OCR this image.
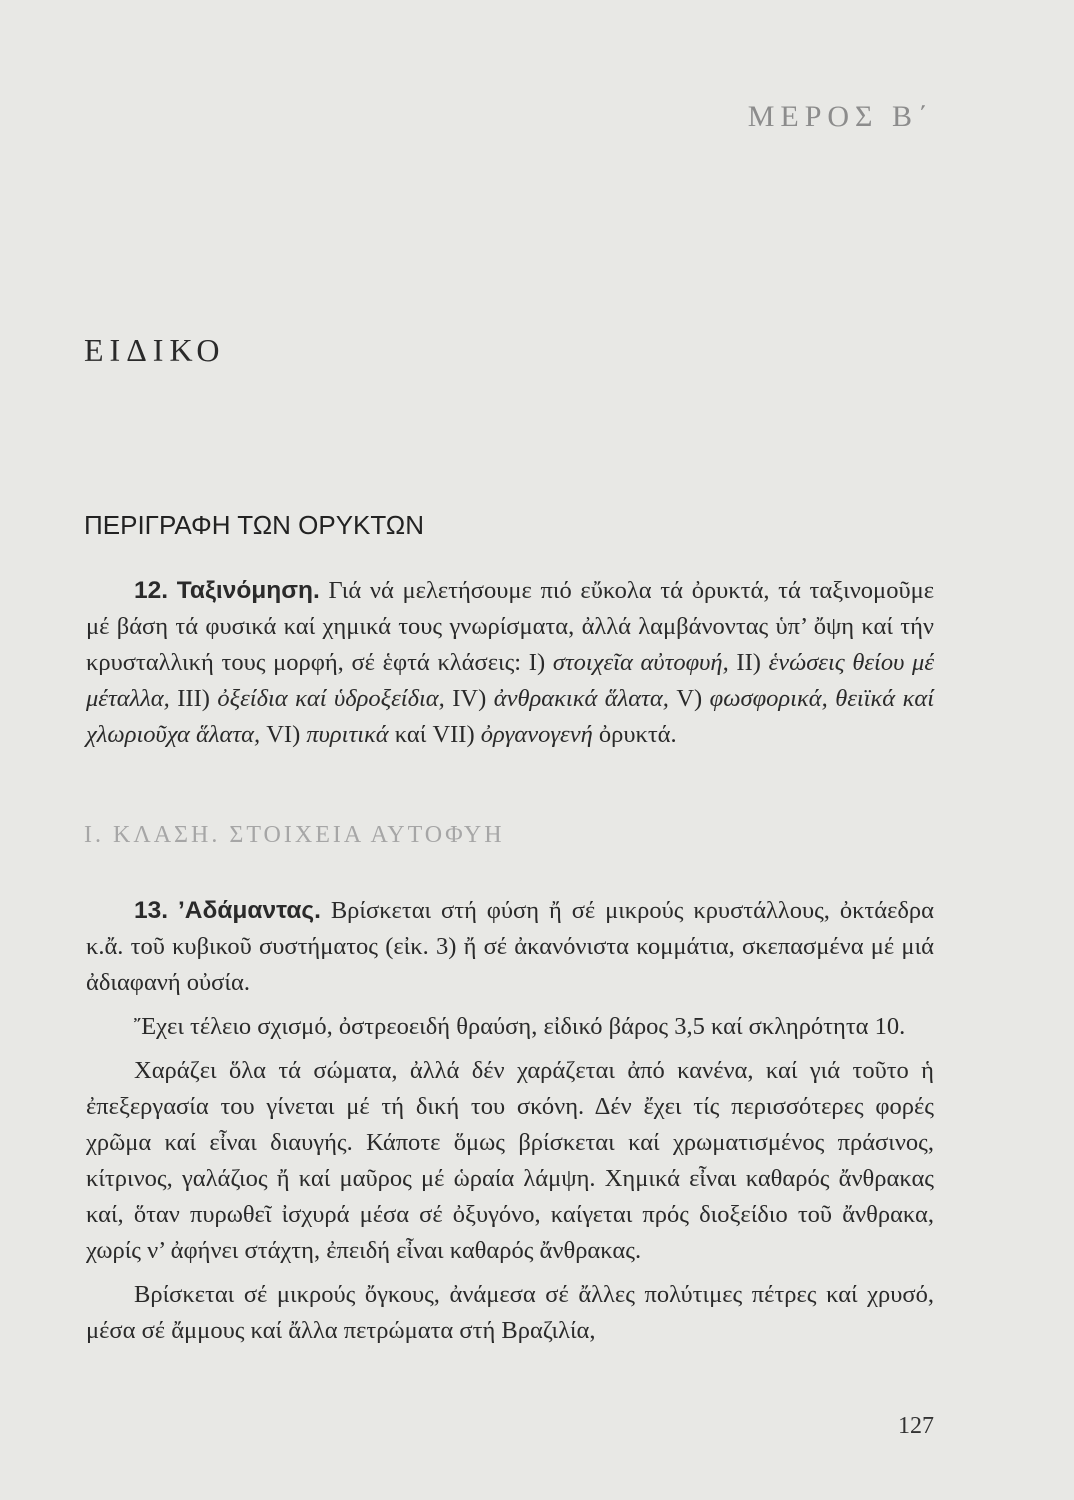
ΜΕΡΟΣ Β΄
ΕΙΔΙΚΟ
ΠΕΡΙΓΡΑΦΗ ΤΩΝ ΟΡΥΚΤΩΝ

12. Ταξινόμηση. Γιά νά μελετήσουμε πιό εὔκολα τά ὀρυκτά, τά ταξινομοῦμε μέ βάση τά φυσικά καί χημικά τους γνωρίσματα, ἀλλά λαμβάνοντας ὑπ’ ὄψη καί τήν κρυσταλλική τους μορφή, σέ ἑφτά κλάσεις: I) στοιχεῖα αὐτοφυή, II) ἑνώσεις θείου μέ μέταλλα, III) ὀξείδια καί ὑδροξείδια, IV) ἀνθρακικά ἅλατα, V) φωσφορικά, θειϊκά καί χλωριοῦχα ἅλατα, VI) πυριτικά καί VII) ὀργανογενή ὀρυκτά.

I. ΚΛΑΣΗ. ΣΤΟΙΧΕΙΑ ΑΥΤΟΦΥΗ

13. ’Αδάμαντας. Βρίσκεται στή φύση ἤ σέ μικρούς κρυστάλλους, ὀκτάεδρα κ.ἄ. τοῦ κυβικοῦ συστήματος (εἰκ. 3) ἤ σέ ἀκανόνιστα κομμάτια, σκεπασμένα μέ μιά ἀδιαφανή οὐσία.

Ἔχει τέλειο σχισμό, ὀστρεοειδή θραύση, εἰδικό βάρος 3,5 καί σκληρότητα 10.

Χαράζει ὅλα τά σώματα, ἀλλά δέν χαράζεται ἀπό κανένα, καί γιά τοῦτο ἡ ἐπεξεργασία του γίνεται μέ τή δική του σκόνη. Δέν ἔχει τίς περισσότερες φορές χρῶμα καί εἶναι διαυγής. Κάποτε ὅμως βρίσκεται καί χρωματισμένος πράσινος, κίτρινος, γαλάζιος ἤ καί μαῦρος μέ ὡραία λάμψη. Χημικά εἶναι καθαρός ἄνθρακας καί, ὅταν πυρωθεῖ ἰσχυρά μέσα σέ ὀξυγόνο, καίγεται πρός διοξείδιο τοῦ ἄνθρακα, χωρίς ν’ ἀφήνει στάχτη, ἐπειδή εἶναι καθαρός ἄνθρακας.

Βρίσκεται σέ μικρούς ὄγκους, ἀνάμεσα σέ ἄλλες πολύτιμες πέτρες καί χρυσό, μέσα σέ ἄμμους καί ἄλλα πετρώματα στή Βραζιλία,

127
